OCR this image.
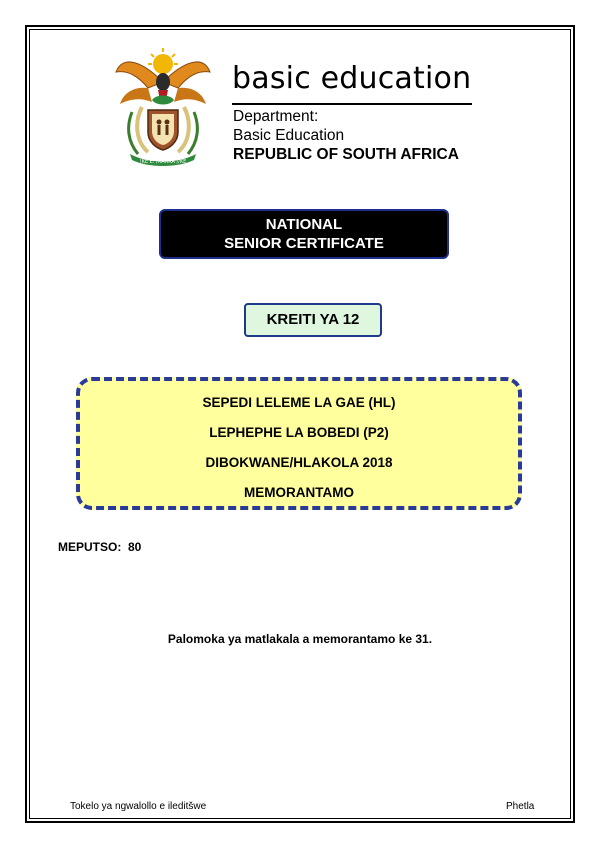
!KE E: /XARRA //KE
basic education
Department:
Basic Education
REPUBLIC OF SOUTH AFRICA
NATIONAL
SENIOR CERTIFICATE
KREITI YA 12
SEPEDI LELEME LA GAE (HL)
LEPHEPHE LA BOBEDI (P2)
DIBOKWANE/HLAKOLA 2018
MEMORANTAMO
MEPUTSO:  80
Palomoka ya matlakala a memorantamo ke 31.
Tokelo ya ngwalollo e ileditšwe	Phetla
